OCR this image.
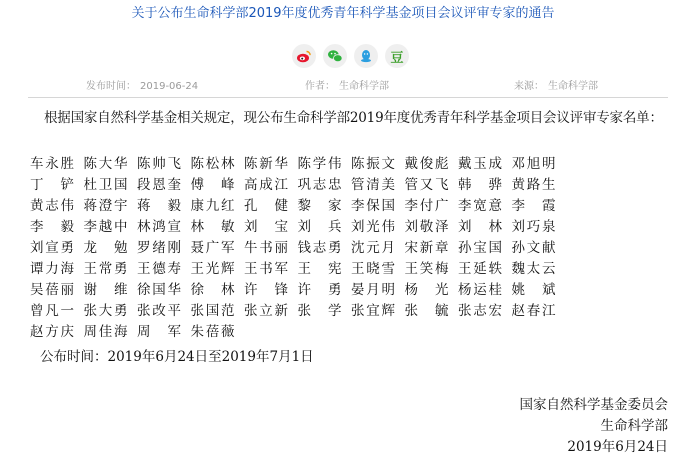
关于公布生命科学部2019年度优秀青年科学基金项目会议评审专家的通告
豆
发布时间： 2019-06-24	作者： 生命科学部	来源： 生命科学部
根据国家自然科学基金相关规定，现公布生命科学部2019年度优秀青年科学基金项目会议评审专家名单：
车永胜 陈大华 陈帅飞 陈松林 陈新华 陈学伟 陈振文 戴俊彪 戴玉成 邓旭明
丁铲 杜卫国 段恩奎 傅峰 高成江 巩志忠 管清美 管又飞 韩骅 黄路生
黄志伟 蒋澄宇 蒋毅 康九红 孔健 黎家 李保国 李付广 李宽意 李霞
李毅 李越中 林鸿宣 林敏 刘宝 刘兵 刘光伟 刘敬泽 刘林 刘巧泉
刘宣勇 龙勉 罗绪刚 聂广军 牛书丽 钱志勇 沈元月 宋新章 孙宝国 孙文献
谭力海 王常勇 王德寿 王光辉 王书军 王宪 王晓雪 王笑梅 王延轶 魏太云
吴蓓丽 谢维 徐国华 徐林 许锋 许勇 晏月明 杨光 杨运桂 姚斌
曾凡一 张大勇 张改平 张国范 张立新 张学 张宜辉 张毓 张志宏 赵春江
赵方庆 周佳海 周军 朱蓓薇
公布时间：2019年6月24日至2019年7月1日
国家自然科学基金委员会
生命科学部
2019年6月24日
